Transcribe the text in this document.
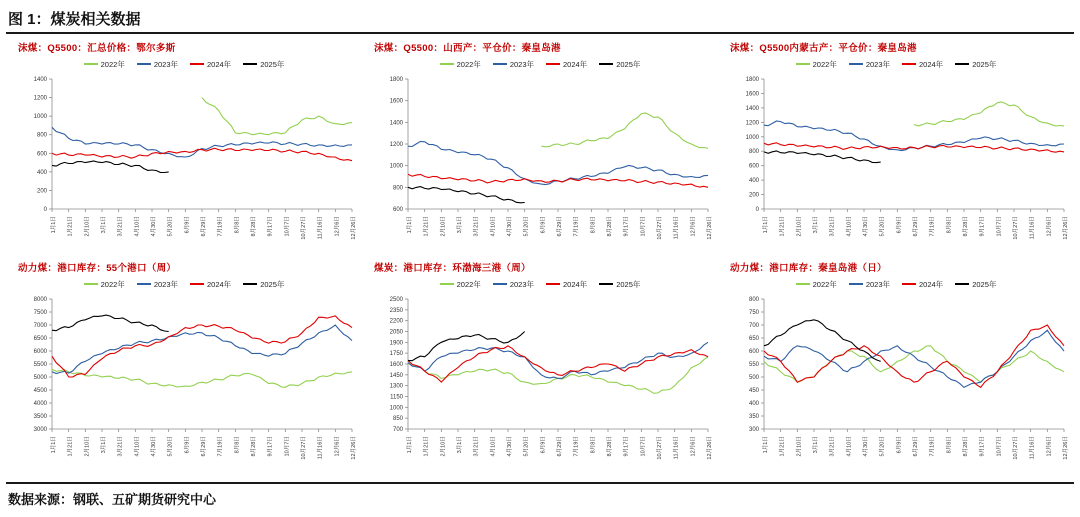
图 1：煤炭相关数据
沫煤：Q5500：汇总价格：鄂尔多斯
2022年	2023年	2024年	2025年
0
200
400
600
800
1000
1200
1400
1月1日	1月21日	2月10日	3月1日	3月21日	4月10日	4月30日	5月20日	6月9日	6月29日	7月19日	8月8日	8月28日	9月17日	10月7日	10月27日	11月16日	12月6日	12月26日
沫煤：Q5500：山西产：平仓价：秦皇岛港
2022年	2023年	2024年	2025年
600
800
1000
1200
1400
1600
1800
1月1日	1月21日	2月10日	3月1日	3月21日	4月10日	4月30日	5月20日	6月9日	6月29日	7月19日	8月8日	8月28日	9月17日	10月7日	10月27日	11月16日	12月6日	12月26日
沫煤：Q5500内蒙古产：平仓价：秦皇岛港
2022年	2023年	2024年	2025年
0
200
400
600
800
1000
1200
1400
1600
1800
1月1日	1月21日	2月10日	3月1日	3月21日	4月10日	4月30日	5月20日	6月9日	6月29日	7月19日	8月8日	8月28日	9月17日	10月7日	10月27日	11月16日	12月6日	12月26日
动力煤：港口库存：55个港口（周）
2022年	2023年	2024年	2025年
3000
3500
4000
4500
5000
5500
6000
6500
7000
7500
8000
1月1日	1月21日	2月10日	3月1日	3月21日	4月10日	4月30日	5月20日	6月9日	6月29日	7月19日	8月8日	8月28日	9月17日	10月7日	10月27日	11月16日	12月6日	12月26日
煤炭：港口库存：环渤海三港（周）
2022年	2023年	2024年	2025年
700
850
1000
1150
1300
1450
1600
1750
1900
2050
2200
2350
2500
1月1日	1月21日	2月10日	3月1日	3月21日	4月10日	4月30日	5月20日	6月9日	6月29日	7月19日	8月8日	8月28日	9月17日	10月7日	10月27日	11月16日	12月6日	12月26日
动力煤：港口库存：秦皇岛港（日）
2022年	2023年	2024年	2025年
300
350
400
450
500
550
600
650
700
750
800
1月1日	1月21日	2月10日	3月1日	3月21日	4月10日	4月30日	5月20日	6月9日	6月29日	7月19日	8月8日	8月28日	9月17日	10月7日	10月27日	11月16日	12月6日	12月26日
数据来源：钢联、五矿期货研究中心
